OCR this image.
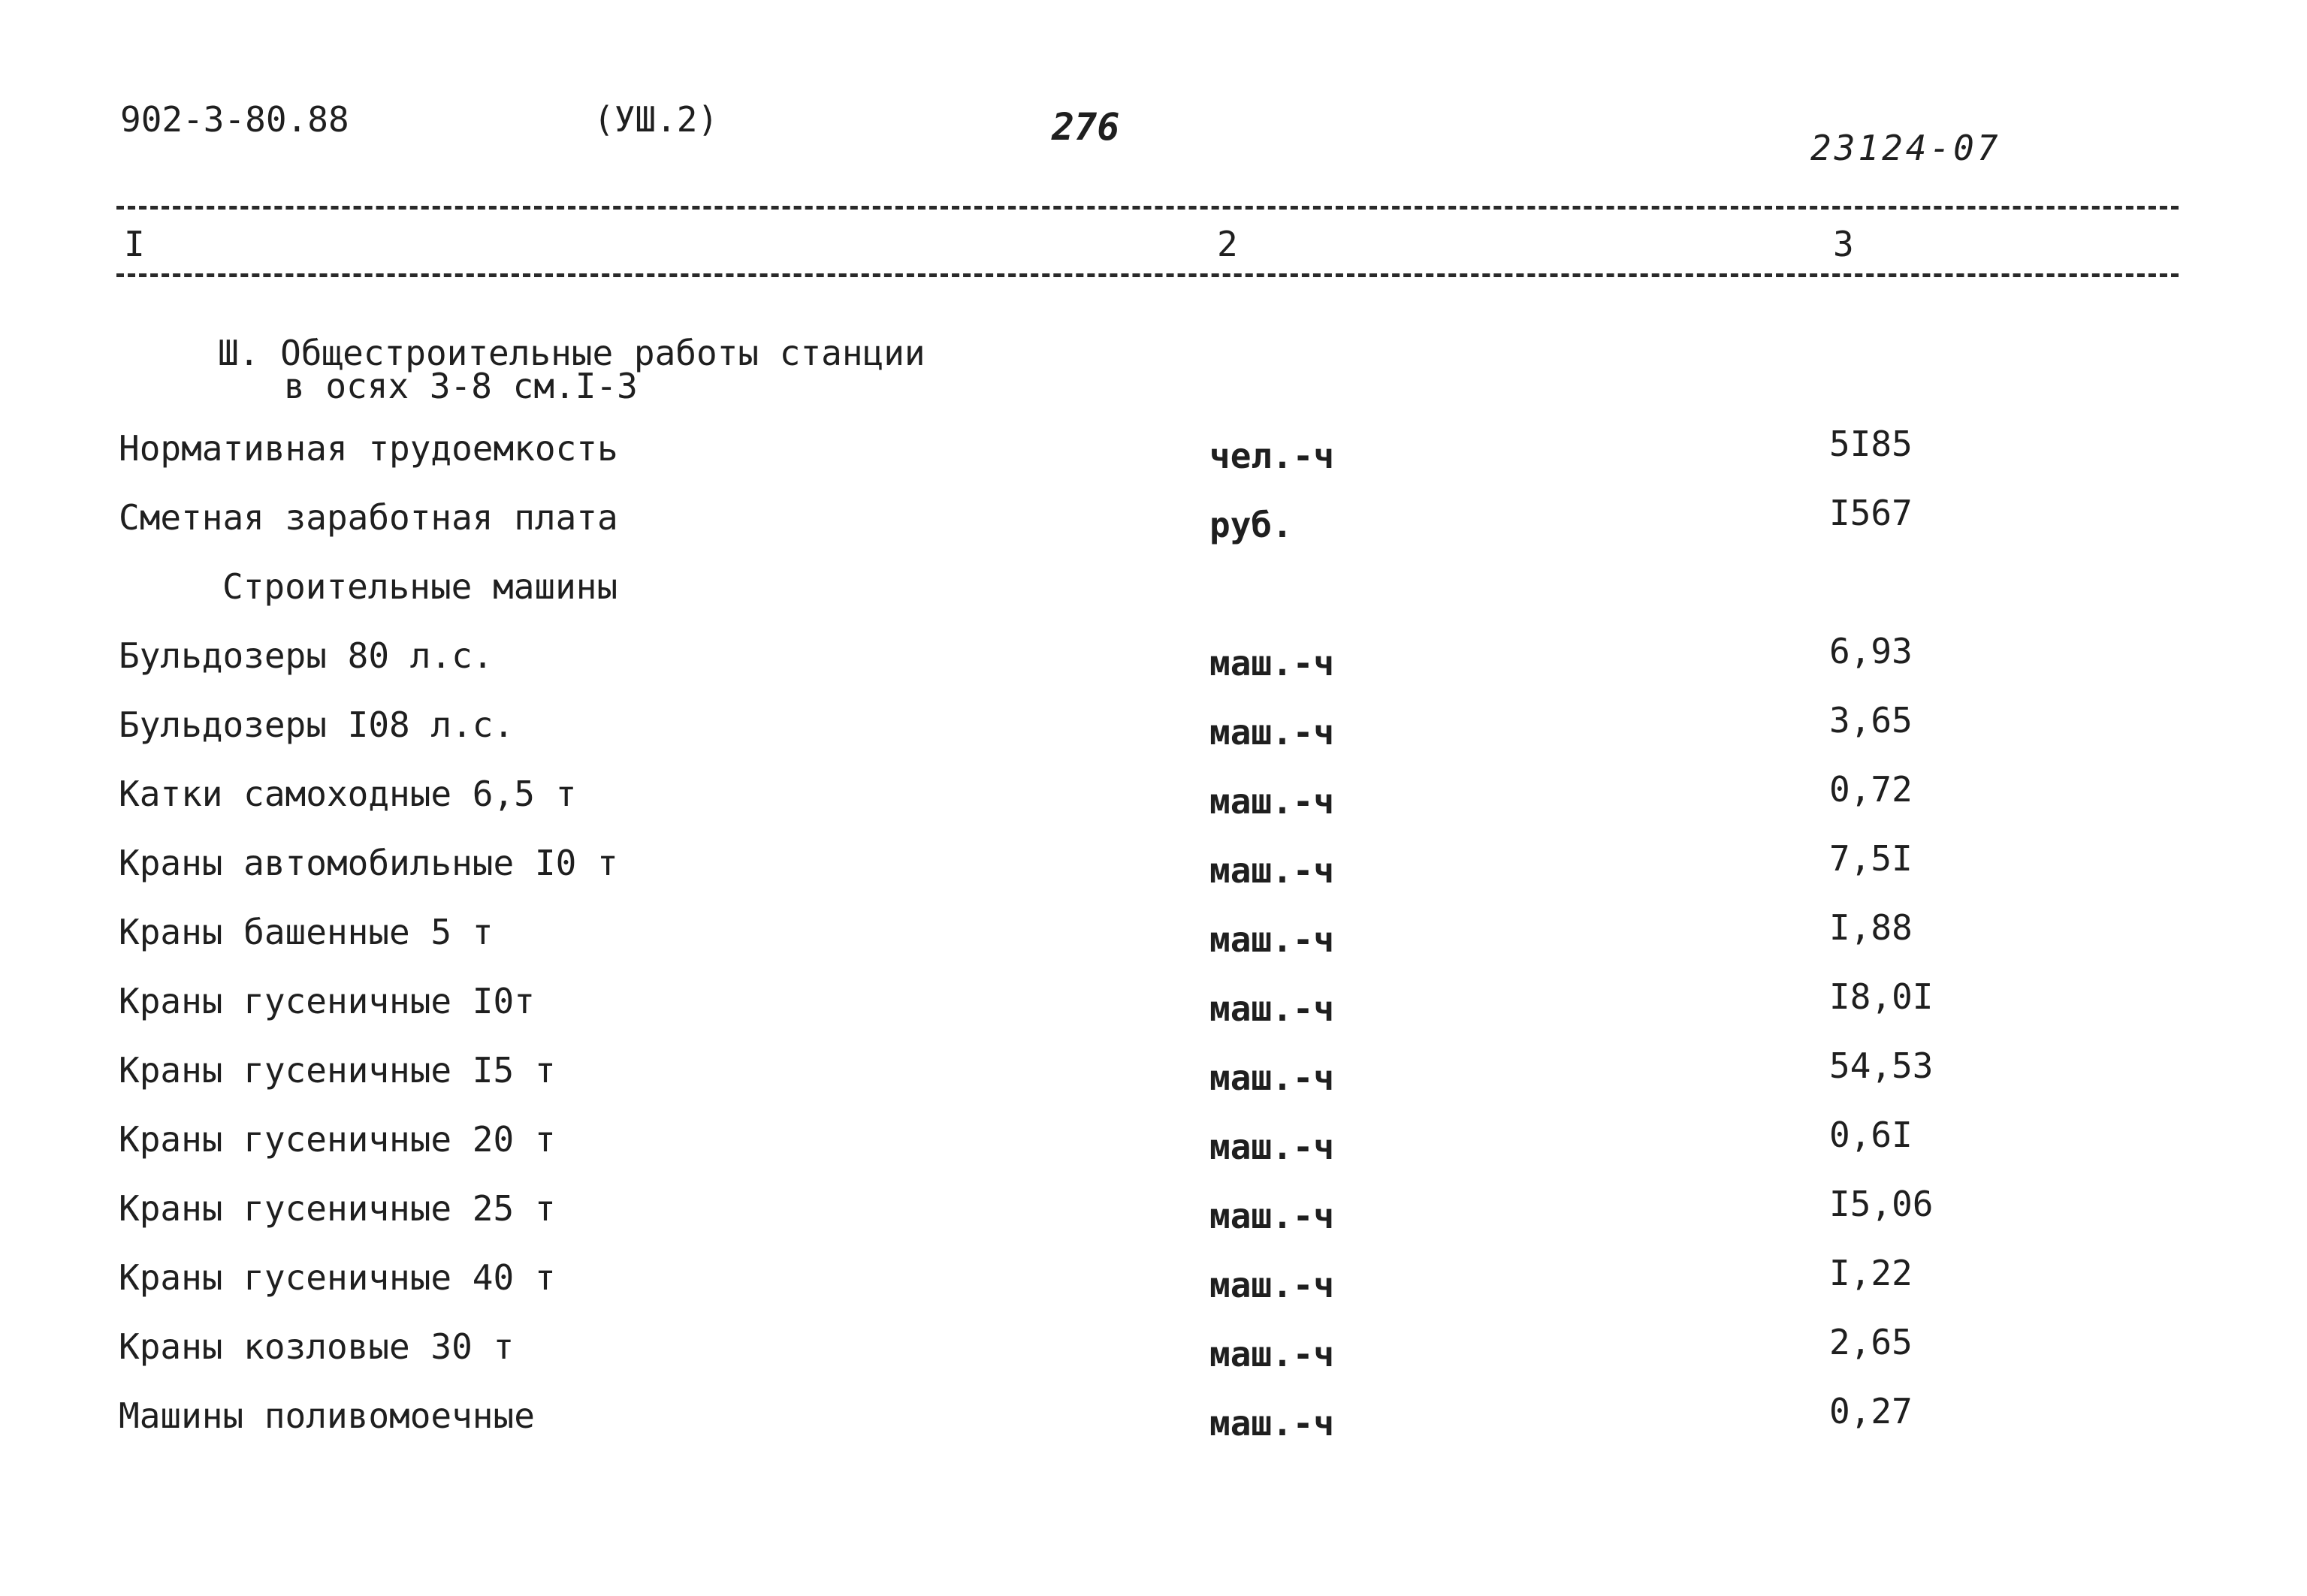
902-3-80.88	(УШ.2)	276	23124-07
I	2	3
Ш. Общестроительные работы станции
в осях 3-8 см.I-3
Нормативная трудоемкость	чел.-ч	5I85
Сметная заработная плата	руб.	I567
Строительные машины
Бульдозеры 80 л.с.	маш.-ч	6,93
Бульдозеры I08 л.с.	маш.-ч	3,65
Катки самоходные 6,5 т	маш.-ч	0,72
Краны автомобильные I0 т	маш.-ч	7,5I
Краны башенные 5 т	маш.-ч	I,88
Краны гусеничные I0т	маш.-ч	I8,0I
Краны гусеничные I5 т	маш.-ч	54,53
Краны гусеничные 20 т	маш.-ч	0,6I
Краны гусеничные 25 т	маш.-ч	I5,06
Краны гусеничные 40 т	маш.-ч	I,22
Краны козловые 30 т	маш.-ч	2,65
Машины поливомоечные	маш.-ч	0,27
